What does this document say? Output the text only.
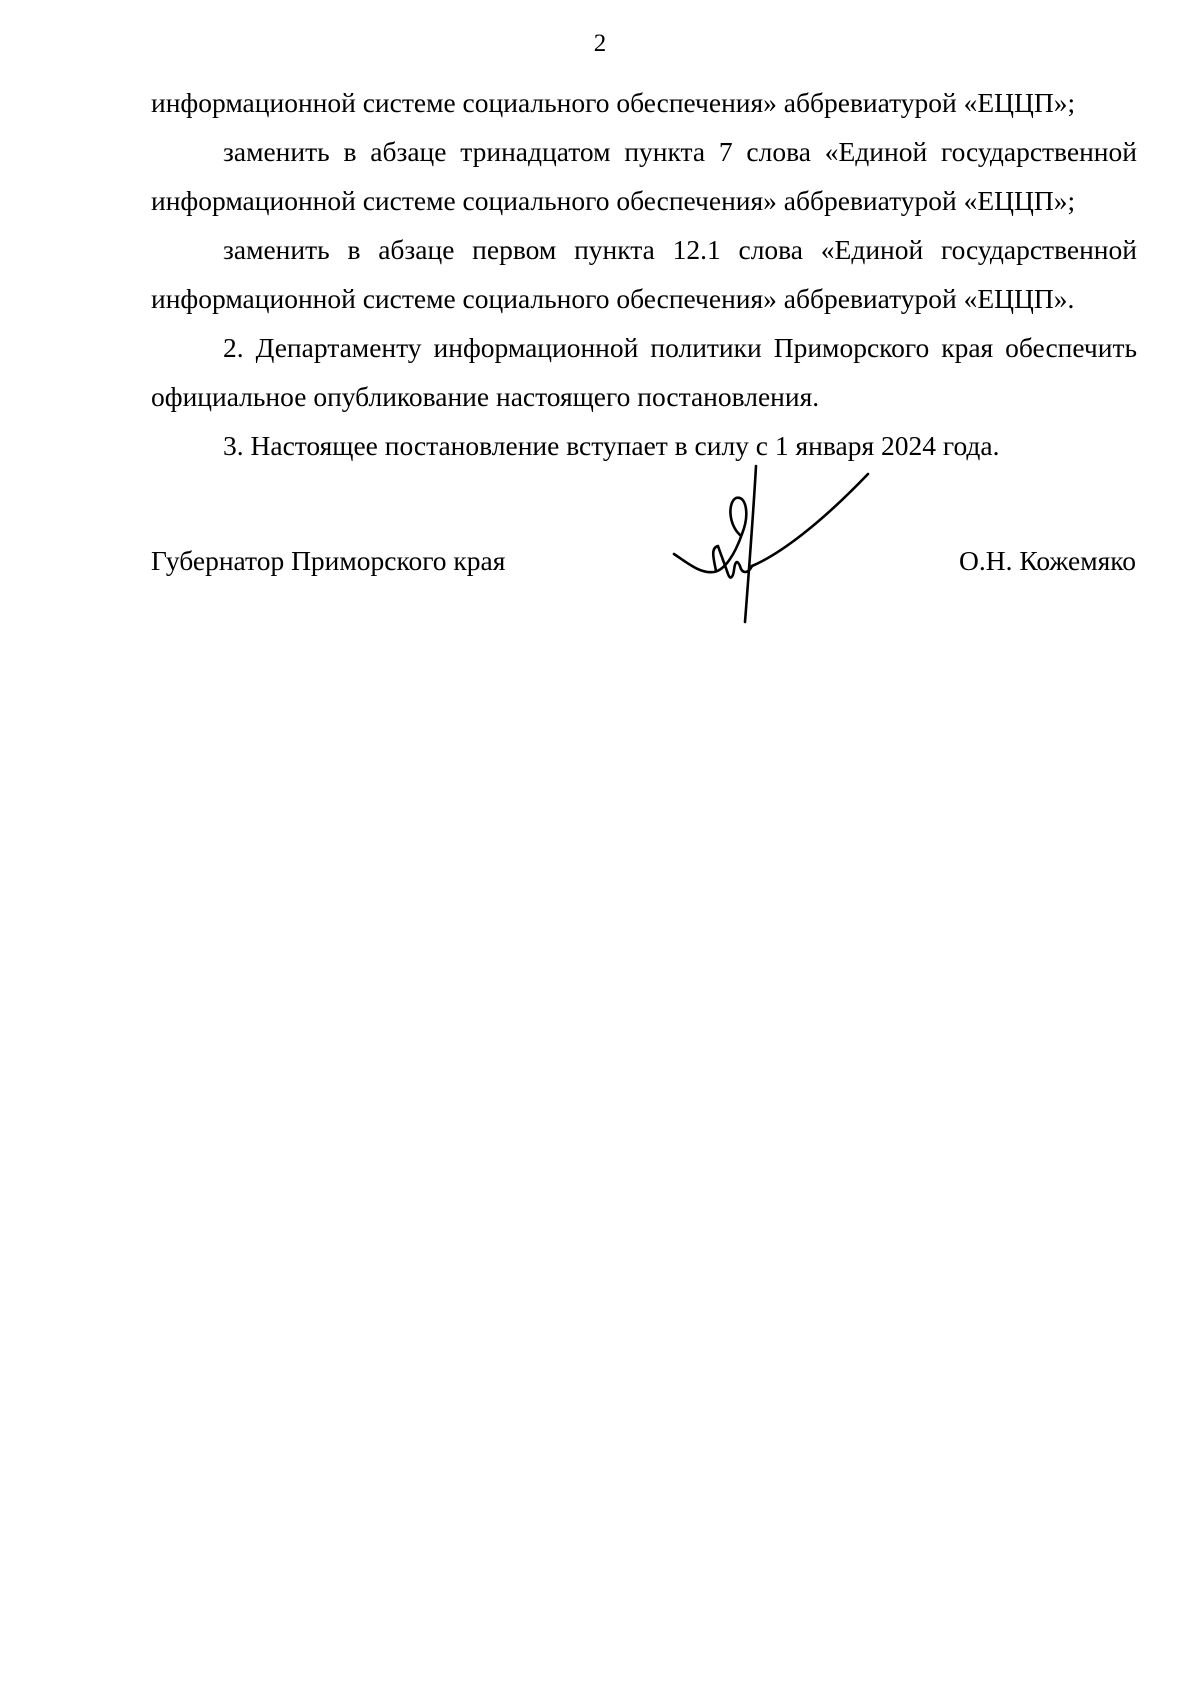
2

информационной системе социального обеспечения» аббревиатурой «ЕЦЦП»;

заменить в абзаце тринадцатом пункта 7 слова «Единой государственной информационной системе социального обеспечения» аббревиатурой «ЕЦЦП»;

заменить в абзаце первом пункта 12.1 слова «Единой государственной информационной системе социального обеспечения» аббревиатурой «ЕЦЦП».

2. Департаменту информационной политики Приморского края обеспечить официальное опубликование настоящего постановления.

3. Настоящее постановление вступает в силу с 1 января 2024 года.

Губернатор Приморского края	О.Н. Кожемяко
